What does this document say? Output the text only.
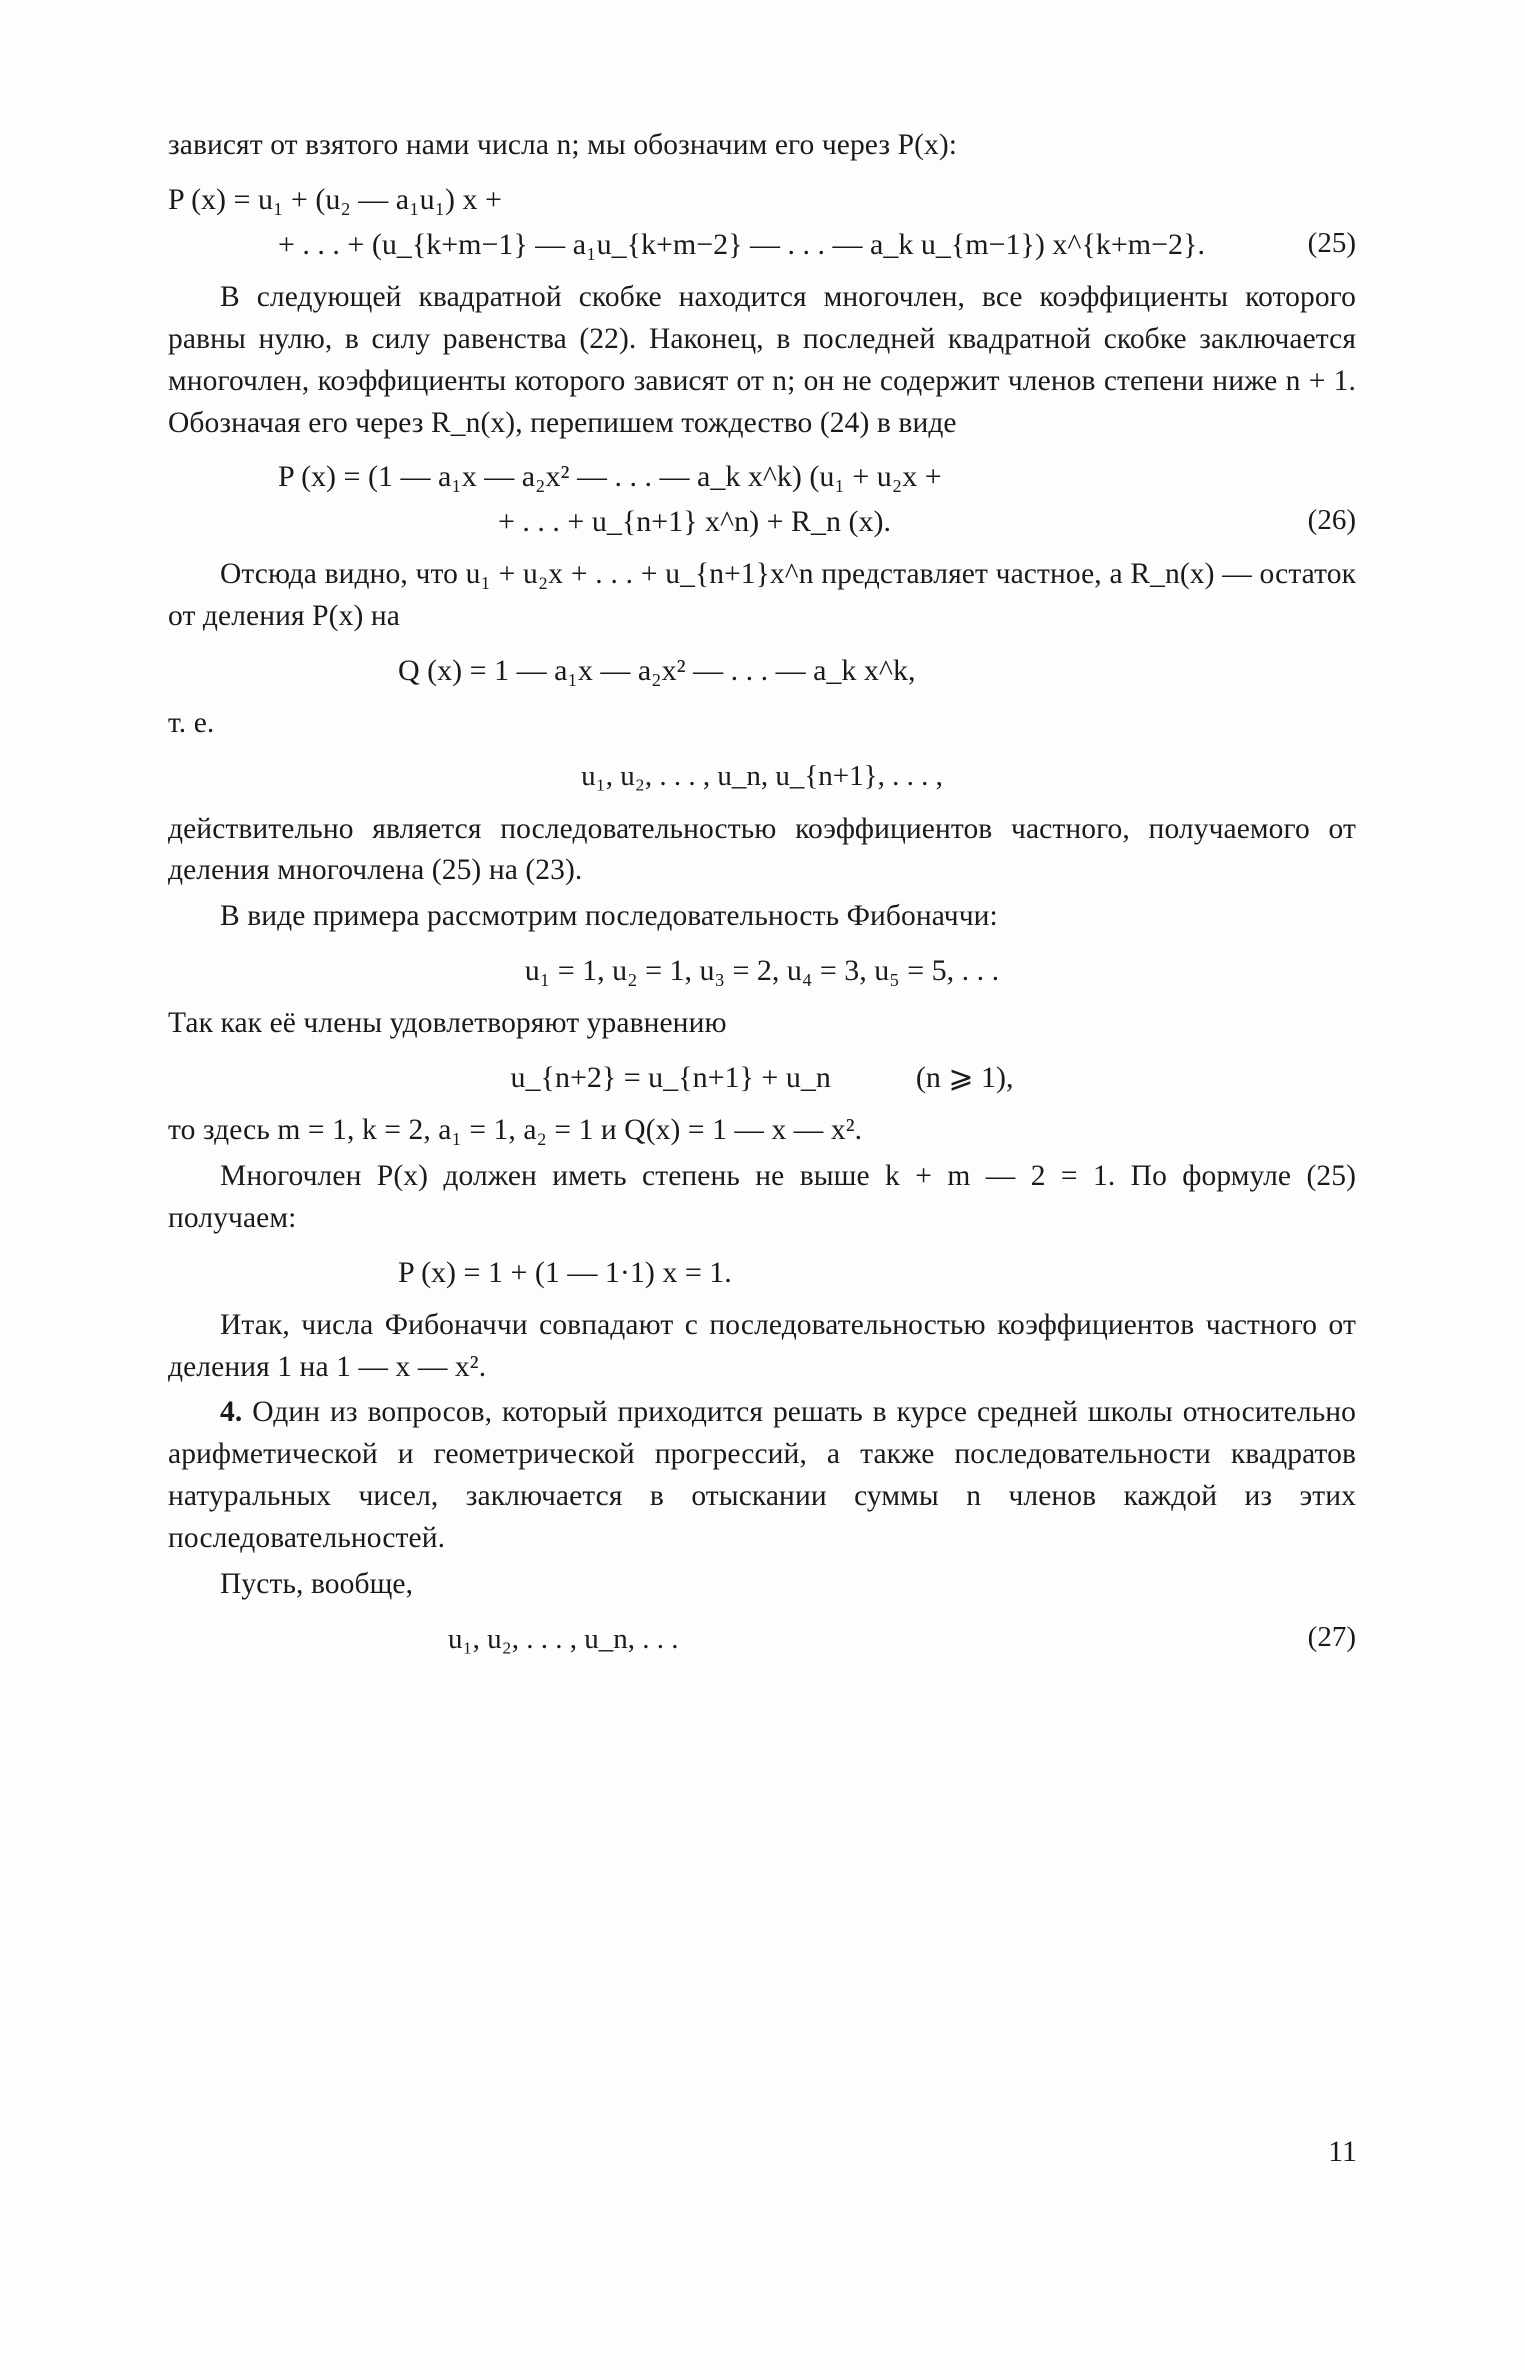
зависят от взятого нами числа n; мы обозначим его через P(x):

P (x) = u₁ + (u₂ — a₁u₁) x +
(25)
+ . . . + (u_{k+m−1} — a₁u_{k+m−2} — . . . — a_k u_{m−1}) x^{k+m−2}.

В следующей квадратной скобке находится многочлен, все коэффициенты которого равны нулю, в силу равенства (22). Наконец, в последней квадратной скобке заключается многочлен, коэффициенты которого зависят от n; он не содержит членов степени ниже n + 1. Обозначая его через R_n(x), перепишем тождество (24) в виде

P (x) = (1 — a₁x — a₂x² — . . . — a_k x^k) (u₁ + u₂x +
(26)
+ . . . + u_{n+1} x^n) + R_n (x).

Отсюда видно, что u₁ + u₂x + . . . + u_{n+1}x^n представляет частное, а R_n(x) — остаток от деления P(x) на

Q (x) = 1 — a₁x — a₂x² — . . . — a_k x^k,

т. е.

u₁, u₂, . . . , u_n, u_{n+1}, . . . ,

действительно является последовательностью коэффициентов частного, получаемого от деления многочлена (25) на (23).

В виде примера рассмотрим последовательность Фибоначчи:

u₁ = 1, u₂ = 1, u₃ = 2, u₄ = 3, u₅ = 5, . . .

Так как её члены удовлетворяют уравнению

u_{n+2} = u_{n+1} + u_n	(n ⩾ 1),

то здесь m = 1, k = 2, a₁ = 1, a₂ = 1 и Q(x) = 1 — x — x².

Многочлен P(x) должен иметь степень не выше k + m — 2 = 1. По формуле (25) получаем:

P (x) = 1 + (1 — 1·1) x = 1.

Итак, числа Фибоначчи совпадают с последовательностью коэффициентов частного от деления 1 на 1 — x — x².

4. Один из вопросов, который приходится решать в курсе средней школы относительно арифметической и геометрической прогрессий, а также последовательности квадратов натуральных чисел, заключается в отыскании суммы n членов каждой из этих последовательностей.

Пусть, вообще,

(27)
u₁, u₂, . . . , u_n, . . .
11
